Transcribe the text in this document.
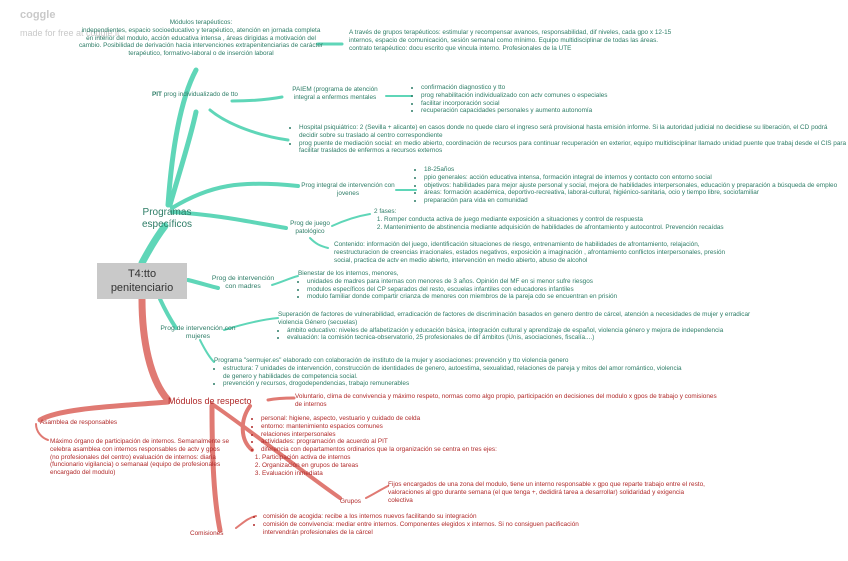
coggle
made for free at coggle.it
T4:tto
penitenciario
Programas específicos
Módulos terapéuticos:
independientes, espacio socioeducativo y terapéutico, atención en jornada completa en interior del modulo, acción educativa intensa , áreas dirigidas a motivación del cambio. Posibilidad de derivación hacia intervenciones extrapenitenciarias de carácter terapéutico, formativo-laboral o de inserción laboral
A través de grupos terapéuticos: estimular y recompensar avances, responsabilidad, dif niveles, cada gpo x 12-15 internos, espacio de comunicación, sesión semanal como mínimo. Equipo multidisciplinar de todas las áreas. contrato terapéutico: docu escrito que vincula interno. Profesionales de la UTE
PIT prog individualizado de tto
PAIEM (programa de atención integral a enfermos mentales
• confirmación diagnostico y tto
• prog rehabilitación individualizado con actv comunes o especiales
• facilitar incorporación social
• recuperación capacidades personales y aumento autonomía
• Hospital psiquiátrico: 2 (Sevilla + alicante) en casos donde no quede claro el ingreso será provisional hasta emisión informe. Si la autoridad judicial no decidiese su liberación, el CD podrá decidir sobre su traslado al centro correspondiente
• prog puente de mediación social: en medio abierto, coordinación de recursos para continuar recuperación en exterior, equipo multidisciplinar llamado unidad puente que trabaj desde el CIS para facilitar traslados de enfermos a recursos externos
Prog integral de intervención con jovenes
• 18-25años
• ppio generales: acción educativa intensa, formación integral de internos y contacto con entorno social
• objetivos: habilidades para mejor ajuste personal y social, mejora de habilidades interpersonales, educación y preparación a búsqueda de empleo
• áreas: formación académica, deportivo-recreativa, laboral-cultural, higiénico-sanitaria, ocio y tiempo libre, sociofamiliar
• preparación para vida en comunidad
Prog de juego patológico
2 fases:
1. Romper conducta activa de juego mediante exposición a situaciones y control de respuesta
2. Mantenimiento de abstinencia mediante adquisición de habilidades de afrontamiento y autocontrol. Prevención recaídas
Contenido: información del juego, identificación situaciones de riesgo, entrenamiento de habilidades de afrontamiento, relajación, reestructuracion de creencias irracionales, estados negativos, exposición a imaginación , afrontamiento conflictos interpersonales, presión social, practica de actv en medio abierto, intervención en medio abierto, abuso de alcohol
Prog de intervención con madres
Bienestar de los internos, menores,
• unidades de madres para internas con menores de 3 años. Opinión del MF en si menor sufre riesgos
• modulos específicos del CP separados del resto, escuelas infantiles con educadores infantiles
• modulo familiar donde compartir crianza de menores con miembros de la pareja cdo se encuentran en prisión
Prog de intervención con mujeres
Superación de factores de vulnerabilidad, erradicación de factores de discriminación basados en genero dentro de cárcel, atención a necesidades de mujer y erradicar violencia Género (secuelas)
• ámbito educativo: niveles de alfabetización y educación básica, integración cultural y aprendizaje de español, violencia género y mejora de independencia
• evaluación: la comisión tecnica-observatorio, 25 profesionales de dif ámbitos (Unis, asociaciones, fiscalía....)
Programa "sermujer.es" elaborado con colaboración de instituto de la mujer y asociaciones: prevención y tto violencia genero
• estructura: 7 unidades de intervención, construcción de identidades de genero, autoestima, sexualidad, relaciones de pareja y mitos del amor romántico, violencia de genero y habilidades de competencia social.
• prevención y recursos, drogodependencias, trabajo remunerables
Módulos de respecto	Voluntario, clima de convivencia y máximo respeto, normas como algo propio, participación en decisiones del modulo x gpos de trabajo y comisiones de internos
• personal: higiene, aspecto, vestuario y cuidado de celda
• entorno: mantenimiento espacios comunes
• relaciones interpersonales
• actividades: programación de acuerdo al PIT
• diferencia con departamentos ordinarios que la organización se centra en tres ejes:
1. Participación activa de internos
2. Organización en grupos de tareas
3. Evaluación inmediata
Asamblea de responsables
Máximo órgano de participación de internos. Semanalmente se celebra asamblea con internos responsables de actv y gpos (no profesionales del centro) evaluación de internos: diaria (funcionario vigilancia) o semanaal (equipo de profesionales encargado del modulo)
Grupos
Fijos encargados de una zona del modulo, tiene un interno responsable x gpo que reparte trabajo entre el resto, valoraciones al gpo durante semana (el que tenga +, dedidirá tarea a desarrollar) solidaridad y exigencia colectiva
Comisiones
• comisión de acogida: recibe a los internos nuevos facilitando su integración
• comisión de convivencia: mediar entre internos. Componentes elegidos x internos. Si no consiguen pacificación intervendrán profesionales de la cárcel
